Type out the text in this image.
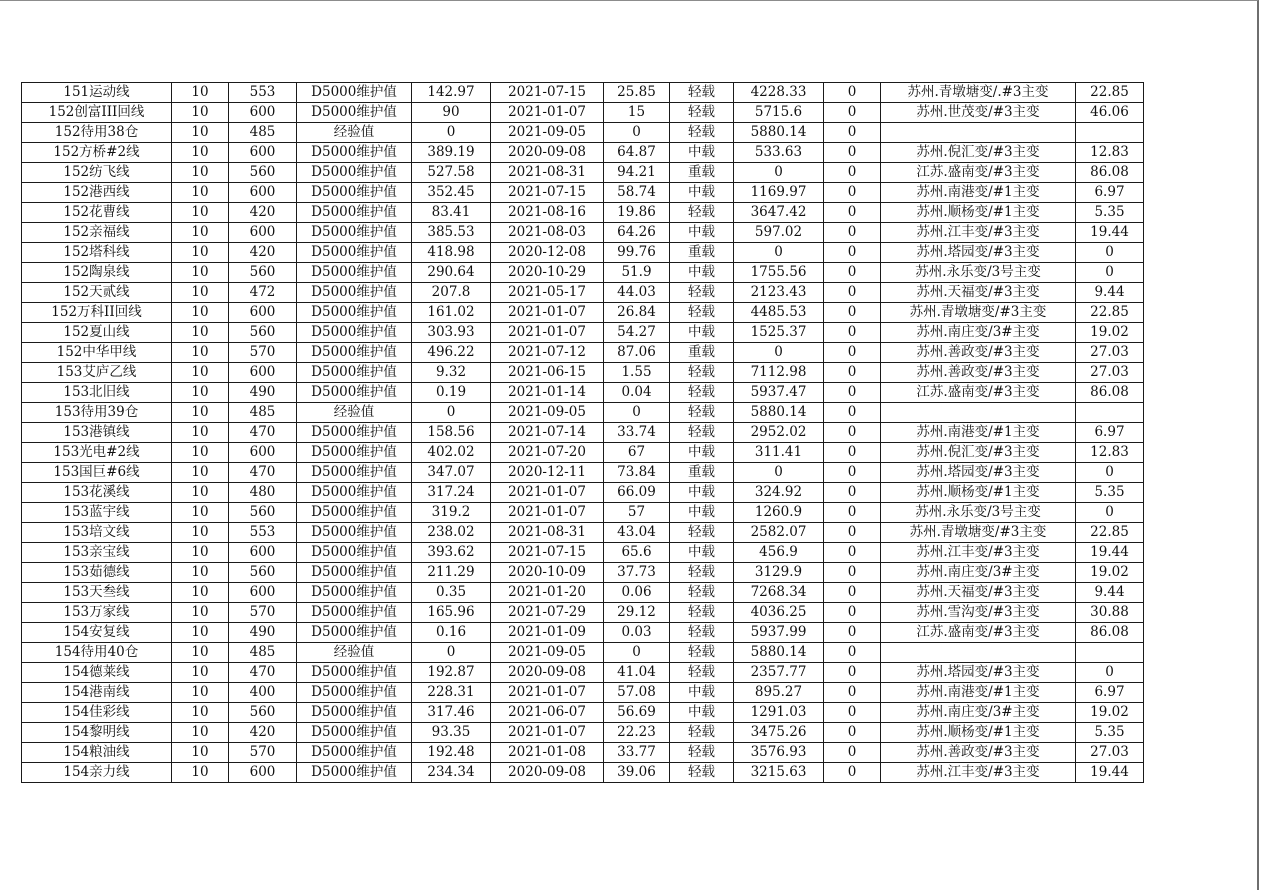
151运动线	10	553	D5000维护值	142.97	2021-07-15	25.85	轻载	4228.33	0	苏州.青墩塘变/.#3主变	22.85
152创富III回线	10	600	D5000维护值	90	2021-01-07	15	轻载	5715.6	0	苏州.世茂变/#3主变	46.06
152待用38仓	10	485	经验值	0	2021-09-05	0	轻载	5880.14	0		
152方桥#2线	10	600	D5000维护值	389.19	2020-09-08	64.87	中载	533.63	0	苏州.倪汇变/#3主变	12.83
152纺飞线	10	560	D5000维护值	527.58	2021-08-31	94.21	重载	0	0	江苏.盛南变/#3主变	86.08
152港西线	10	600	D5000维护值	352.45	2021-07-15	58.74	中载	1169.97	0	苏州.南港变/#1主变	6.97
152花曹线	10	420	D5000维护值	83.41	2021-08-16	19.86	轻载	3647.42	0	苏州.顺杨变/#1主变	5.35
152亲福线	10	600	D5000维护值	385.53	2021-08-03	64.26	中载	597.02	0	苏州.江丰变/#3主变	19.44
152塔科线	10	420	D5000维护值	418.98	2020-12-08	99.76	重载	0	0	苏州.塔园变/#3主变	0
152陶泉线	10	560	D5000维护值	290.64	2020-10-29	51.9	中载	1755.56	0	苏州.永乐变/3号主变	0
152天贰线	10	472	D5000维护值	207.8	2021-05-17	44.03	轻载	2123.43	0	苏州.天福变/#3主变	9.44
152万科II回线	10	600	D5000维护值	161.02	2021-01-07	26.84	轻载	4485.53	0	苏州.青墩塘变/#3主变	22.85
152夏山线	10	560	D5000维护值	303.93	2021-01-07	54.27	中载	1525.37	0	苏州.南庄变/3#主变	19.02
152中华甲线	10	570	D5000维护值	496.22	2021-07-12	87.06	重载	0	0	苏州.善政变/#3主变	27.03
153艾庐乙线	10	600	D5000维护值	9.32	2021-06-15	1.55	轻载	7112.98	0	苏州.善政变/#3主变	27.03
153北旧线	10	490	D5000维护值	0.19	2021-01-14	0.04	轻载	5937.47	0	江苏.盛南变/#3主变	86.08
153待用39仓	10	485	经验值	0	2021-09-05	0	轻载	5880.14	0		
153港镇线	10	470	D5000维护值	158.56	2021-07-14	33.74	轻载	2952.02	0	苏州.南港变/#1主变	6.97
153光电#2线	10	600	D5000维护值	402.02	2021-07-20	67	中载	311.41	0	苏州.倪汇变/#3主变	12.83
153国巨#6线	10	470	D5000维护值	347.07	2020-12-11	73.84	重载	0	0	苏州.塔园变/#3主变	0
153花溪线	10	480	D5000维护值	317.24	2021-01-07	66.09	中载	324.92	0	苏州.顺杨变/#1主变	5.35
153蓝宇线	10	560	D5000维护值	319.2	2021-01-07	57	中载	1260.9	0	苏州.永乐变/3号主变	0
153培文线	10	553	D5000维护值	238.02	2021-08-31	43.04	轻载	2582.07	0	苏州.青墩塘变/#3主变	22.85
153亲宝线	10	600	D5000维护值	393.62	2021-07-15	65.6	中载	456.9	0	苏州.江丰变/#3主变	19.44
153茹德线	10	560	D5000维护值	211.29	2020-10-09	37.73	轻载	3129.9	0	苏州.南庄变/3#主变	19.02
153天叁线	10	600	D5000维护值	0.35	2021-01-20	0.06	轻载	7268.34	0	苏州.天福变/#3主变	9.44
153万家线	10	570	D5000维护值	165.96	2021-07-29	29.12	轻载	4036.25	0	苏州.雪沟变/#3主变	30.88
154安复线	10	490	D5000维护值	0.16	2021-01-09	0.03	轻载	5937.99	0	江苏.盛南变/#3主变	86.08
154待用40仓	10	485	经验值	0	2021-09-05	0	轻载	5880.14	0		
154德莱线	10	470	D5000维护值	192.87	2020-09-08	41.04	轻载	2357.77	0	苏州.塔园变/#3主变	0
154港南线	10	400	D5000维护值	228.31	2021-01-07	57.08	中载	895.27	0	苏州.南港变/#1主变	6.97
154佳彩线	10	560	D5000维护值	317.46	2021-06-07	56.69	中载	1291.03	0	苏州.南庄变/3#主变	19.02
154黎明线	10	420	D5000维护值	93.35	2021-01-07	22.23	轻载	3475.26	0	苏州.顺杨变/#1主变	5.35
154粮油线	10	570	D5000维护值	192.48	2021-01-08	33.77	轻载	3576.93	0	苏州.善政变/#3主变	27.03
154亲力线	10	600	D5000维护值	234.34	2020-09-08	39.06	轻载	3215.63	0	苏州.江丰变/#3主变	19.44
